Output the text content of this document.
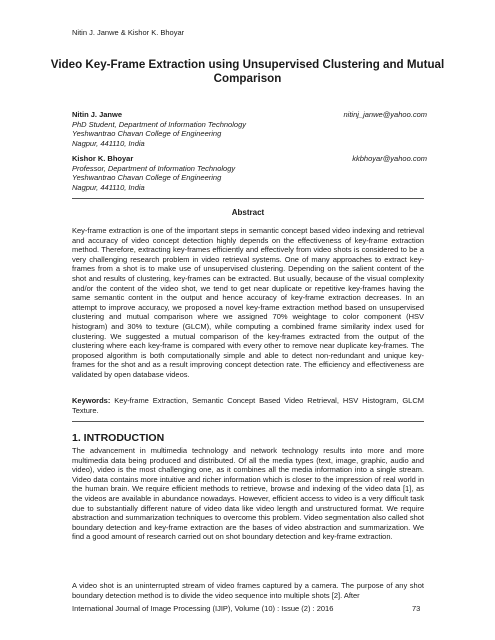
Nitin J. Janwe & Kishor K. Bhoyar
Video Key-Frame Extraction using Unsupervised Clustering and Mutual Comparison
Nitin J. Janwe	nitinj_janwe@yahoo.com
PhD Student, Department of Information Technology
Yeshwantrao Chavan College of Engineering
Nagpur, 441110, India
Kishor K. Bhoyar	kkbhoyar@yahoo.com
Professor, Department of Information Technology
Yeshwantrao Chavan College of Engineering
Nagpur, 441110, India
Abstract
Key-frame extraction is one of the important steps in semantic concept based video indexing and retrieval and accuracy of video concept detection highly depends on the effectiveness of key-frame extraction method. Therefore, extracting key-frames efficiently and effectively from video shots is considered to be a very challenging research problem in video retrieval systems. One of many approaches to extract key-frames from a shot is to make use of unsupervised clustering. Depending on the salient content of the shot and results of clustering, key-frames can be extracted. But usually, because of the visual complexity and/or the content of the video shot, we tend to get near duplicate or repetitive key-frames having the same semantic content in the output and hence accuracy of key-frame extraction decreases. In an attempt to improve accuracy, we proposed a novel key-frame extraction method based on unsupervised clustering and mutual comparison where we assigned 70% weightage to color component (HSV histogram) and 30% to texture (GLCM), while computing a combined frame similarity index used for clustering. We suggested a mutual comparison of the key-frames extracted from the output of the clustering where each key-frame is compared with every other to remove near duplicate key-frames. The proposed algorithm is both computationally simple and able to detect non-redundant and unique key-frames for the shot and as a result improving concept detection rate. The efficiency and effectiveness are validated by open database videos.
Keywords: Key-frame Extraction, Semantic Concept Based Video Retrieval, HSV Histogram, GLCM Texture.
1. INTRODUCTION
The advancement in multimedia technology and network technology results into more and more multimedia data being produced and distributed. Of all the media types (text, image, graphic, audio and video), video is the most challenging one, as it combines all the media information into a single stream. Video data contains more intuitive and richer information which is closer to the impression of real world in the human brain. We require efficient methods to retrieve, browse and indexing of the video data [1], as the videos are available in abundance nowadays. However, efficient access to video is a very difficult task due to substantially different nature of video data like video length and unstructured format. We require abstraction and summarization techniques to overcome this problem. Video segmentation also called shot boundary detection and key-frame extraction are the bases of video abstraction and summarization. We find a good amount of research carried out on shot boundary detection and key-frame extraction.
A video shot is an uninterrupted stream of video frames captured by a camera. The purpose of any shot boundary detection method is to divide the video sequence into multiple shots [2]. After
International Journal of Image Processing (IJIP), Volume (10) : Issue (2) : 2016	73
